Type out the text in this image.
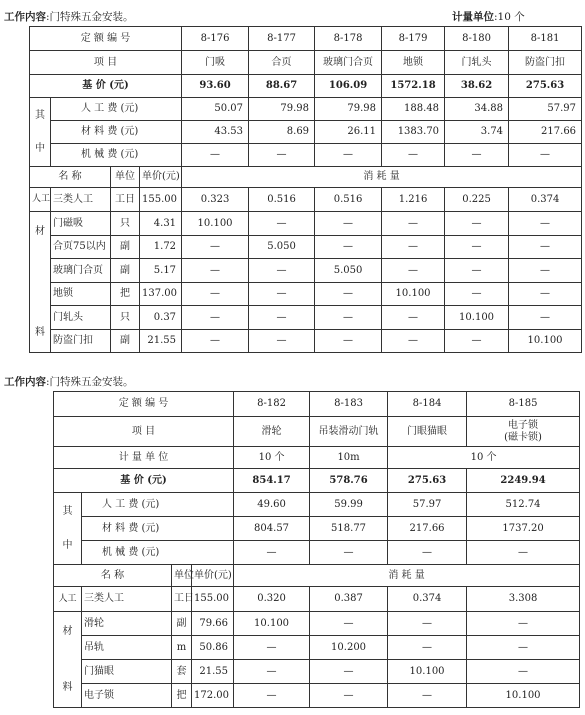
工作内容:门特殊五金安装。	计量单位:10 个
定 额 编 号				8-176	8-177	8-178	8-179	8-180	8-181
项 目				门吸	合页	玻璃门合页	地锁	门轧头	防盗门扣
基 价 (元)				93.60	88.67	106.09	1572.18	38.62	275.63

其
中	人 工 费 (元)			50.07	79.98	79.98	188.48	34.88	57.97
	材 料 费 (元)			43.53	8.69	26.11	1383.70	3.74	217.66
	机 械 费 (元)			—	—	—	—	—	—
名 称		单位	单价(元)	消 耗 量					
人工	三类人工	工日	155.00	0.323	0.516	0.516	1.216	0.225	0.374

材
料	门磁吸	只	4.31	10.100	—	—	—	—	—
	合页75以内	副	1.72	—	5.050	—	—	—	—
	玻璃门合页	副	5.17	—	—	5.050	—	—	—
	地锁	把	137.00	—	—	—	10.100	—	—
	门轧头	只	0.37	—	—	—	—	10.100	—
	防盗门扣	副	21.55	—	—	—	—	—	10.100
工作内容:门特殊五金安装。
定 额 编 号				8-182	8-183	8-184	8-185
项 目				滑轮	吊装滑动门轨	门眼猫眼	电子锁
(磁卡锁)
计 量 单 位				10 个	10m	10 个	
基 价 (元)				854.17	578.76	275.63	2249.94

其
中	人 工 费 (元)			49.60	59.99	57.97	512.74
	材 料 费 (元)			804.57	518.77	217.66	1737.20
	机 械 费 (元)			—	—	—	—
名 称		单位	单价(元)	消 耗 量			
人工	三类人工	工日	155.00	0.320	0.387	0.374	3.308

材
料	滑轮	副	79.66	10.100	—	—	—
	吊轨	m	50.86	—	10.200	—	—
	门猫眼	套	21.55	—	—	10.100	—
	电子锁	把	172.00	—	—	—	10.100
